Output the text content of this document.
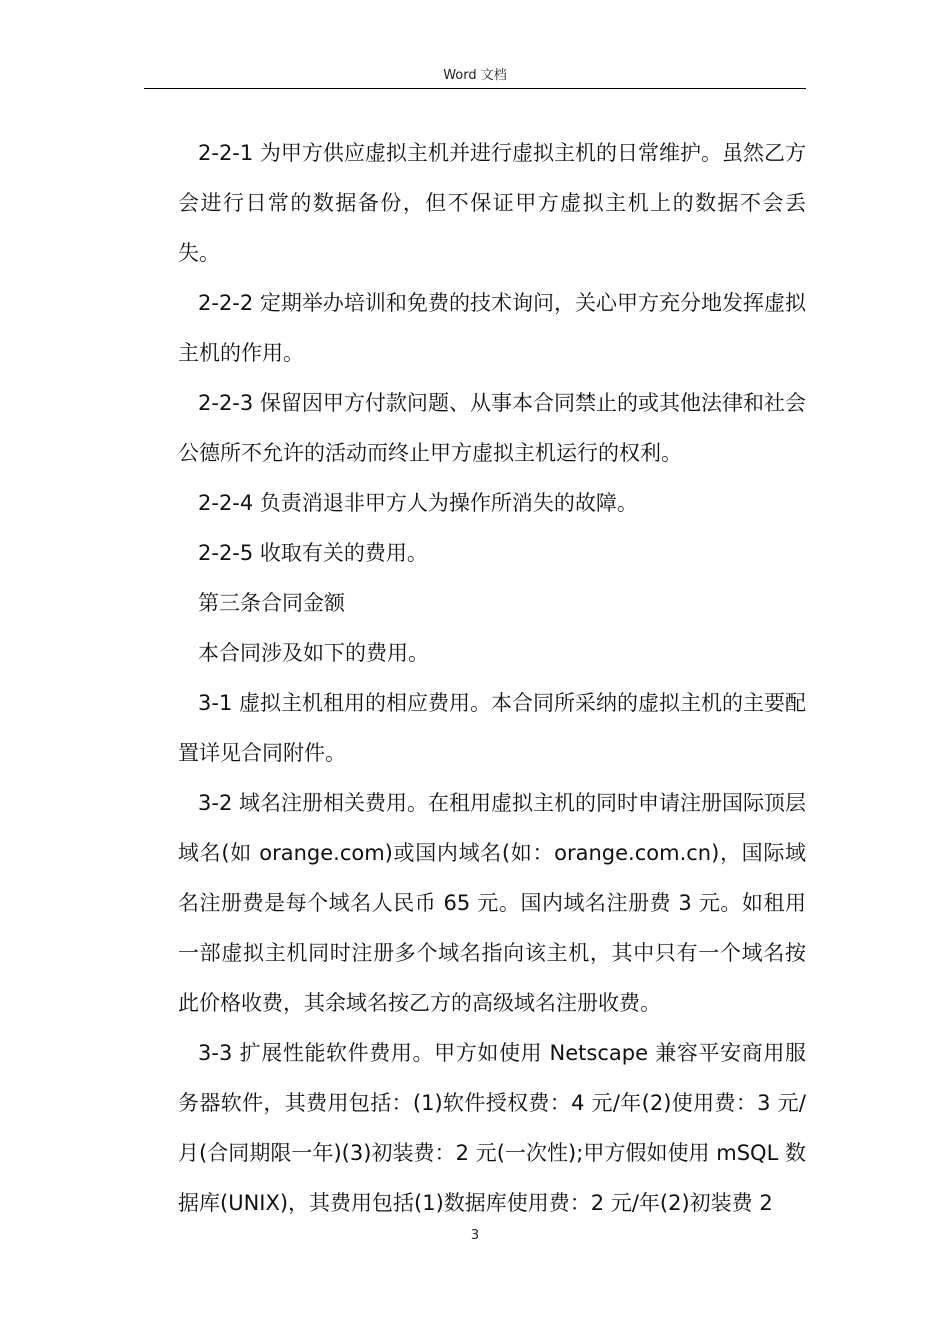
Word 文档

2-2-1 为甲方供应虚拟主机并进行虚拟主机的日常维护。虽然乙方会进行日常的数据备份，但不保证甲方虚拟主机上的数据不会丢失。

2-2-2 定期举办培训和免费的技术询问，关心甲方充分地发挥虚拟主机的作用。

2-2-3 保留因甲方付款问题、从事本合同禁止的或其他法律和社会公德所不允许的活动而终止甲方虚拟主机运行的权利。

2-2-4 负责消退非甲方人为操作所消失的故障。

2-2-5 收取有关的费用。

第三条合同金额

本合同涉及如下的费用。

3-1 虚拟主机租用的相应费用。本合同所采纳的虚拟主机的主要配置详见合同附件。

3-2 域名注册相关费用。在租用虚拟主机的同时申请注册国际顶层域名(如 orange.com)或国内域名(如：orange.com.cn)，国际域名注册费是每个域名人民币 65 元。国内域名注册费 3 元。如租用一部虚拟主机同时注册多个域名指向该主机，其中只有一个域名按此价格收费，其余域名按乙方的高级域名注册收费。

3-3 扩展性能软件费用。甲方如使用 Netscape 兼容平安商用服务器软件，其费用包括：(1)软件授权费：4 元/年(2)使用费：3 元/月(合同期限一年)(3)初装费：2 元(一次性);甲方假如使用 mSQL 数据库(UNIX)，其费用包括(1)数据库使用费：2 元/年(2)初装费 2

3
